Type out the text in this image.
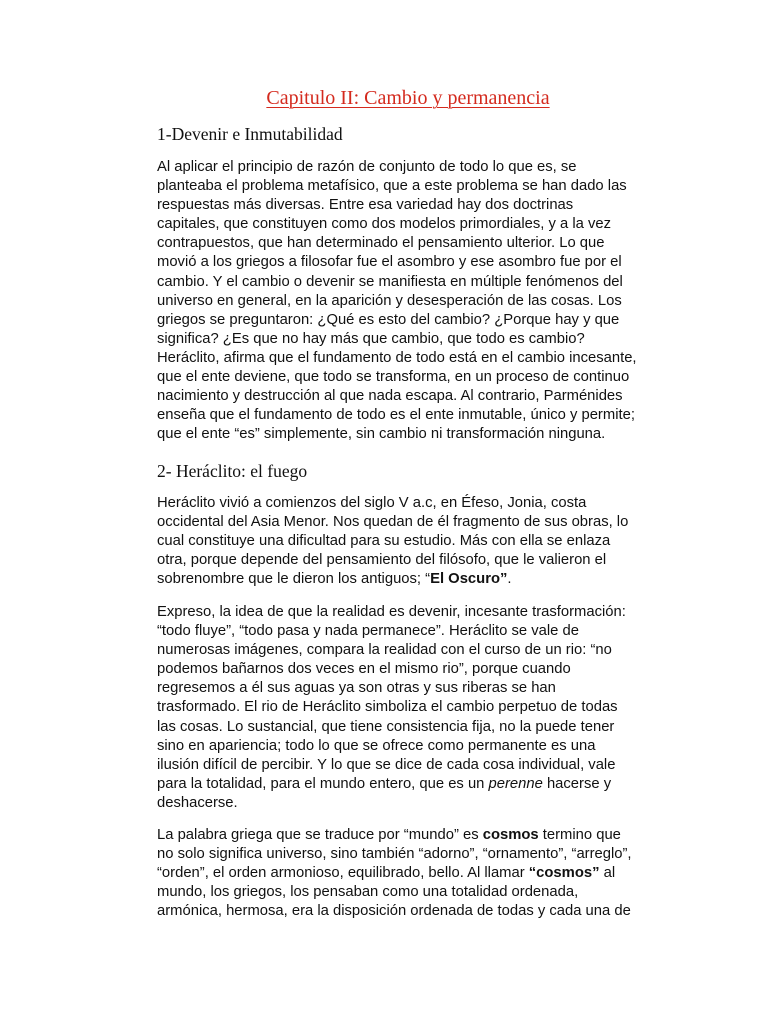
Capitulo II: Cambio y permanencia
1-Devenir e Inmutabilidad
Al aplicar el principio de razón de conjunto de todo lo que es, se
planteaba el problema metafísico, que a este problema se han dado las
respuestas más diversas. Entre esa variedad hay dos doctrinas
capitales, que constituyen como dos modelos primordiales, y a la vez
contrapuestos, que han determinado el pensamiento ulterior. Lo que
movió a los griegos a filosofar fue el asombro y ese asombro fue por el
cambio. Y el cambio o devenir se manifiesta en múltiple fenómenos del
universo en general, en la aparición y desesperación de las cosas. Los
griegos se preguntaron: ¿Qué es esto del cambio? ¿Porque hay y que
significa? ¿Es que no hay más que cambio, que todo es cambio?
Heráclito, afirma que el fundamento de todo está en el cambio incesante,
que el ente deviene, que todo se transforma, en un proceso de continuo
nacimiento y destrucción al que nada escapa. Al contrario, Parménides
enseña que el fundamento de todo es el ente inmutable, único y permite;
que el ente “es” simplemente, sin cambio ni transformación ninguna.
2- Heráclito: el fuego
Heráclito vivió a comienzos del siglo V a.c, en Éfeso, Jonia, costa
occidental del Asia Menor. Nos quedan de él fragmento de sus obras, lo
cual constituye una dificultad para su estudio. Más con ella se enlaza
otra, porque depende del pensamiento del filósofo, que le valieron el
sobrenombre que le dieron los antiguos; “El Oscuro”.
Expreso, la idea de que la realidad es devenir, incesante trasformación:
“todo fluye”, “todo pasa y nada permanece”. Heráclito se vale de
numerosas imágenes, compara la realidad con el curso de un rio: “no
podemos bañarnos dos veces en el mismo rio”, porque cuando
regresemos a él sus aguas ya son otras y sus riberas se han
trasformado. El rio de Heráclito simboliza el cambio perpetuo de todas
las cosas. Lo sustancial, que tiene consistencia fija, no la puede tener
sino en apariencia; todo lo que se ofrece como permanente es una
ilusión difícil de percibir. Y lo que se dice de cada cosa individual, vale
para la totalidad, para el mundo entero, que es un perenne hacerse y
deshacerse.
La palabra griega que se traduce por “mundo” es cosmos termino que
no solo significa universo, sino también “adorno”, “ornamento”, “arreglo”,
“orden”, el orden armonioso, equilibrado, bello. Al llamar “cosmos” al
mundo, los griegos, los pensaban como una totalidad ordenada,
armónica, hermosa, era la disposición ordenada de todas y cada una de
